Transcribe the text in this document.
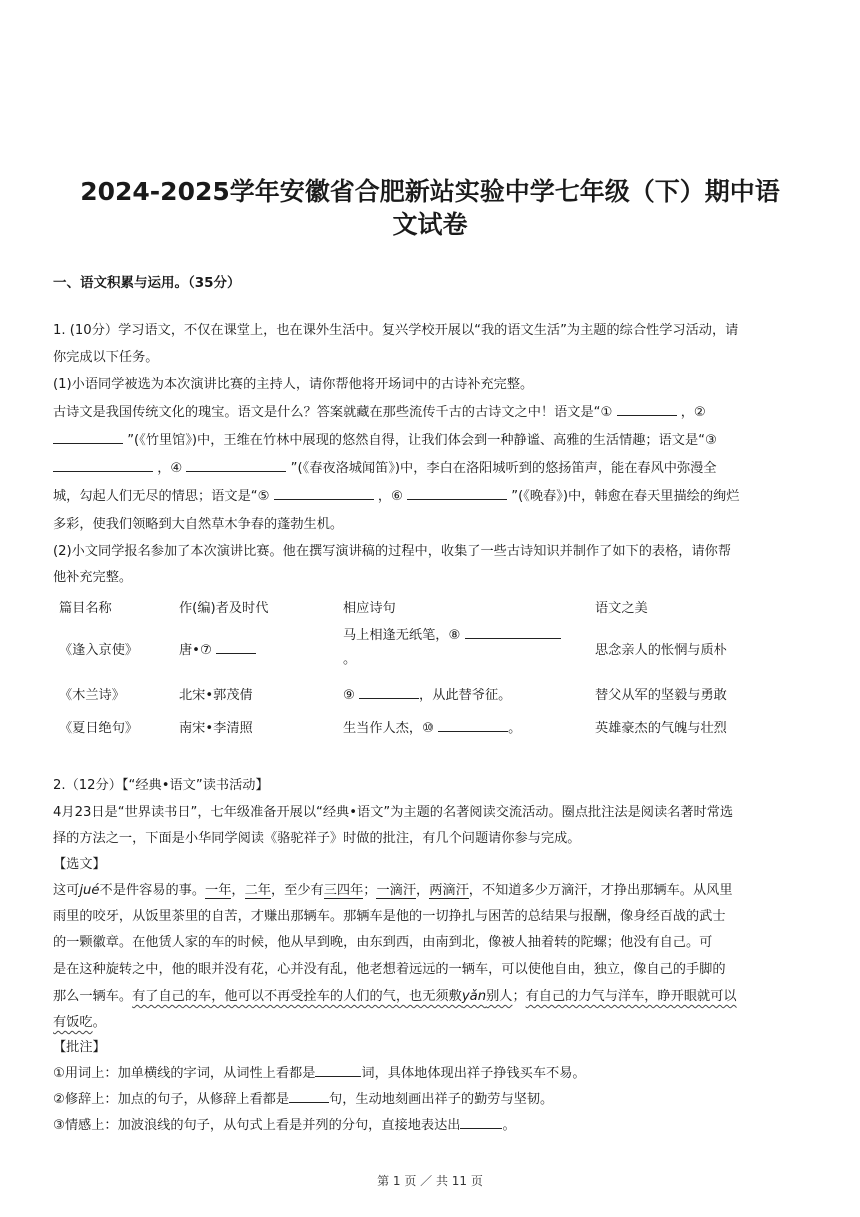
2024-2025学年安徽省合肥新站实验中学七年级（下）期中语
文试卷
一、语文积累与运用。（35分）
1. (10分）学习语文，不仅在课堂上，也在课外生活中。复兴学校开展以“我的语文生活”为主题的综合性学习活动，请
你完成以下任务。
(1)小语同学被选为本次演讲比赛的主持人，请你帮他将开场词中的古诗补充完整。
古诗文是我国传统文化的瑰宝。语文是什么？答案就藏在那些流传千古的古诗文之中！语文是“①	，②
”(《竹里馆》)中，王维在竹林中展现的悠然自得，让我们体会到一种静谧、高雅的生活情趣；语文是“③
，④	”(《春夜洛城闻笛》)中，李白在洛阳城听到的悠扬笛声，能在春风中弥漫全
城，勾起人们无尽的情思；语文是“⑤	，⑥	”(《晚春》)中，韩愈在春天里描绘的绚烂
多彩，使我们领略到大自然草木争春的蓬勃生机。
(2)小文同学报名参加了本次演讲比赛。他在撰写演讲稿的过程中，收集了一些古诗知识并制作了如下的表格，请你帮
他补充完整。
篇目名称	作(编)者及时代	相应诗句	语文之美
《逢入京使》	唐•⑦	马上相逢无纸笔，⑧
。	思念亲人的怅惘与质朴
《木兰诗》	北宋•郭茂倩	⑨ ，从此替爷征。	替父从军的坚毅与勇敢
《夏日绝句》	南宋•李清照	生当作人杰，⑩ 。	英雄豪杰的气魄与壮烈
2.（12分）【“经典•语文”读书活动】
4月23日是“世界读书日”，七年级准备开展以“经典•语文”为主题的名著阅读交流活动。圈点批注法是阅读名著时常选
择的方法之一，下面是小华同学阅读《骆驼祥子》时做的批注，有几个问题请你参与完成。
【选文】
这可jué不是件容易的事。一年，二年，至少有三四年；一滴汗，两滴汗，不知道多少万滴汗，才挣出那辆车。从风里
雨里的咬牙，从饭里茶里的自苦，才赚出那辆车。那辆车是他的一切挣扎与困苦的总结果与报酬，像身经百战的武士
的一颗徽章。在他赁人家的车的时候，他从早到晚，由东到西，由南到北，像被人抽着转的陀螺；他没有自己。可
是在这种旋转之中，他的眼并没有花，心并没有乱，他老想着远远的一辆车，可以使他自由，独立，像自己的手脚的
那么一辆车。有了自己的车，他可以不再受拴车的人们的气，也无须敷yǎn别人；有自己的力气与洋车，睁开眼就可以
有饭吃。
【批注】
①用词上：加单横线的字词，从词性上看都是	词，具体地体现出祥子挣钱买车不易。
②修辞上：加点的句子，从修辞上看都是	句，生动地刻画出祥子的勤劳与坚韧。
③情感上：加波浪线的句子，从句式上看是并列的分句，直接地表达出	。
第 1 页 ／ 共 11 页
